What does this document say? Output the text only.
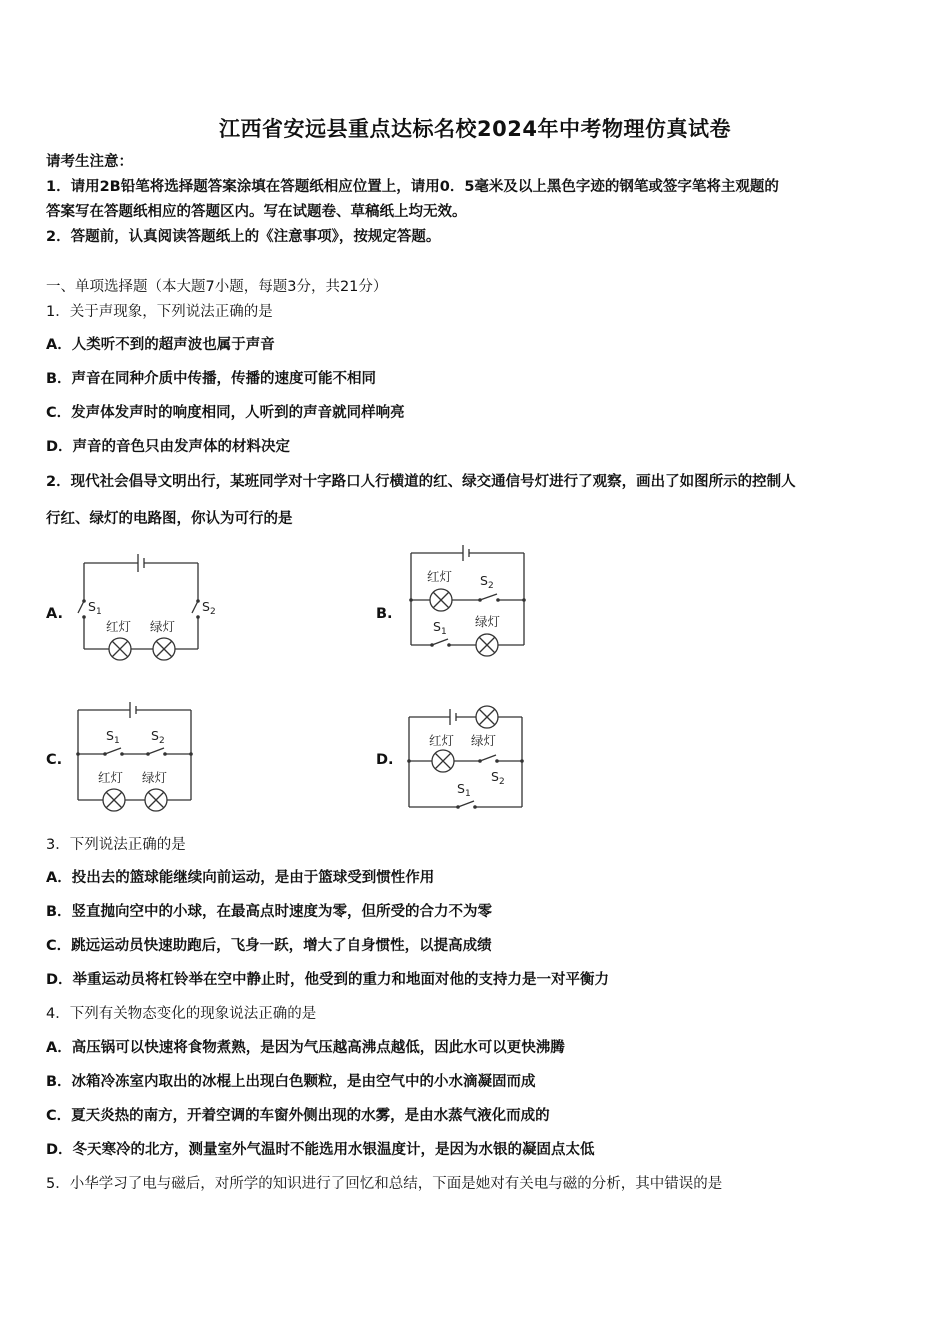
江西省安远县重点达标名校2024年中考物理仿真试卷
请考生注意：
1．请用2B铅笔将选择题答案涂填在答题纸相应位置上，请用0．5毫米及以上黑色字迹的钢笔或签字笔将主观题的
答案写在答题纸相应的答题区内。写在试题卷、草稿纸上均无效。
2．答题前，认真阅读答题纸上的《注意事项》，按规定答题。
一、单项选择题（本大题7小题，每题3分，共21分）
1．关于声现象，下列说法正确的是
A．人类听不到的超声波也属于声音
B．声音在同种介质中传播，传播的速度可能不相同
C．发声体发声时的响度相同，人听到的声音就同样响亮
D．声音的音色只由发声体的材料决定
2．现代社会倡导文明出行，某班同学对十字路口人行横道的红、绿交通信号灯进行了观察，画出了如图所示的控制人
行红、绿灯的电路图，你认为可行的是
A. $S_1$	$S_2$
红灯 绿灯
B.
红灯 $S_2$
$S_1$
绿灯
C.
$S_1$	$S_2$
红灯 绿灯
D.
红灯 绿灯
$S_2$
$S_1$
3．下列说法正确的是
A．投出去的篮球能继续向前运动，是由于篮球受到惯性作用
B．竖直抛向空中的小球，在最高点时速度为零，但所受的合力不为零
C．跳远运动员快速助跑后，飞身一跃，增大了自身惯性，以提高成绩
D．举重运动员将杠铃举在空中静止时，他受到的重力和地面对他的支持力是一对平衡力
4．下列有关物态变化的现象说法正确的是
A．高压锅可以快速将食物煮熟，是因为气压越高沸点越低，因此水可以更快沸腾
B．冰箱冷冻室内取出的冰棍上出现白色颗粒，是由空气中的小水滴凝固而成
C．夏天炎热的南方，开着空调的车窗外侧出现的水雾，是由水蒸气液化而成的
D．冬天寒冷的北方，测量室外气温时不能选用水银温度计，是因为水银的凝固点太低
5．小华学习了电与磁后，对所学的知识进行了回忆和总结，下面是她对有关电与磁的分析，其中错误的是
